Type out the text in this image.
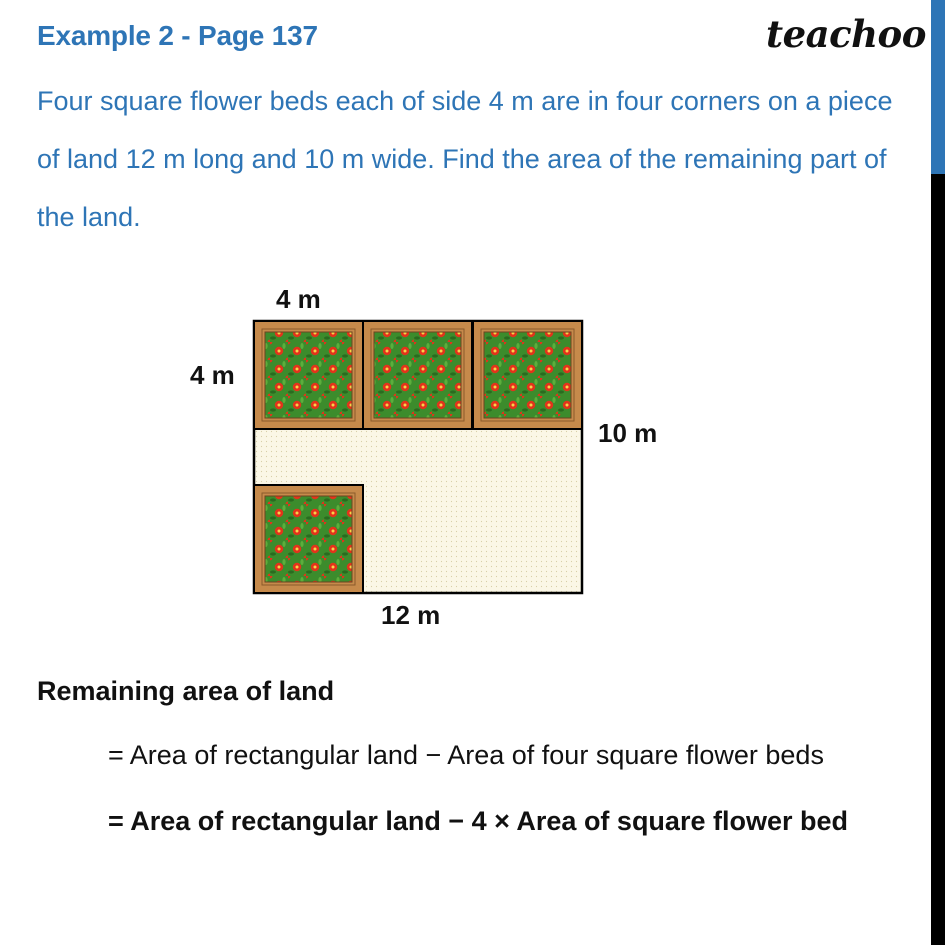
Example 2 - Page 137	teachoo
Four square flower beds each of side 4 m are in four corners on a piece of land 12 m long and 10 m wide. Find the area of the remaining part of the land.
4 m
4 m
10 m
12 m
Remaining area of land
= Area of rectangular land − Area of four square flower beds
= Area of rectangular land − 4 × Area of square flower bed
